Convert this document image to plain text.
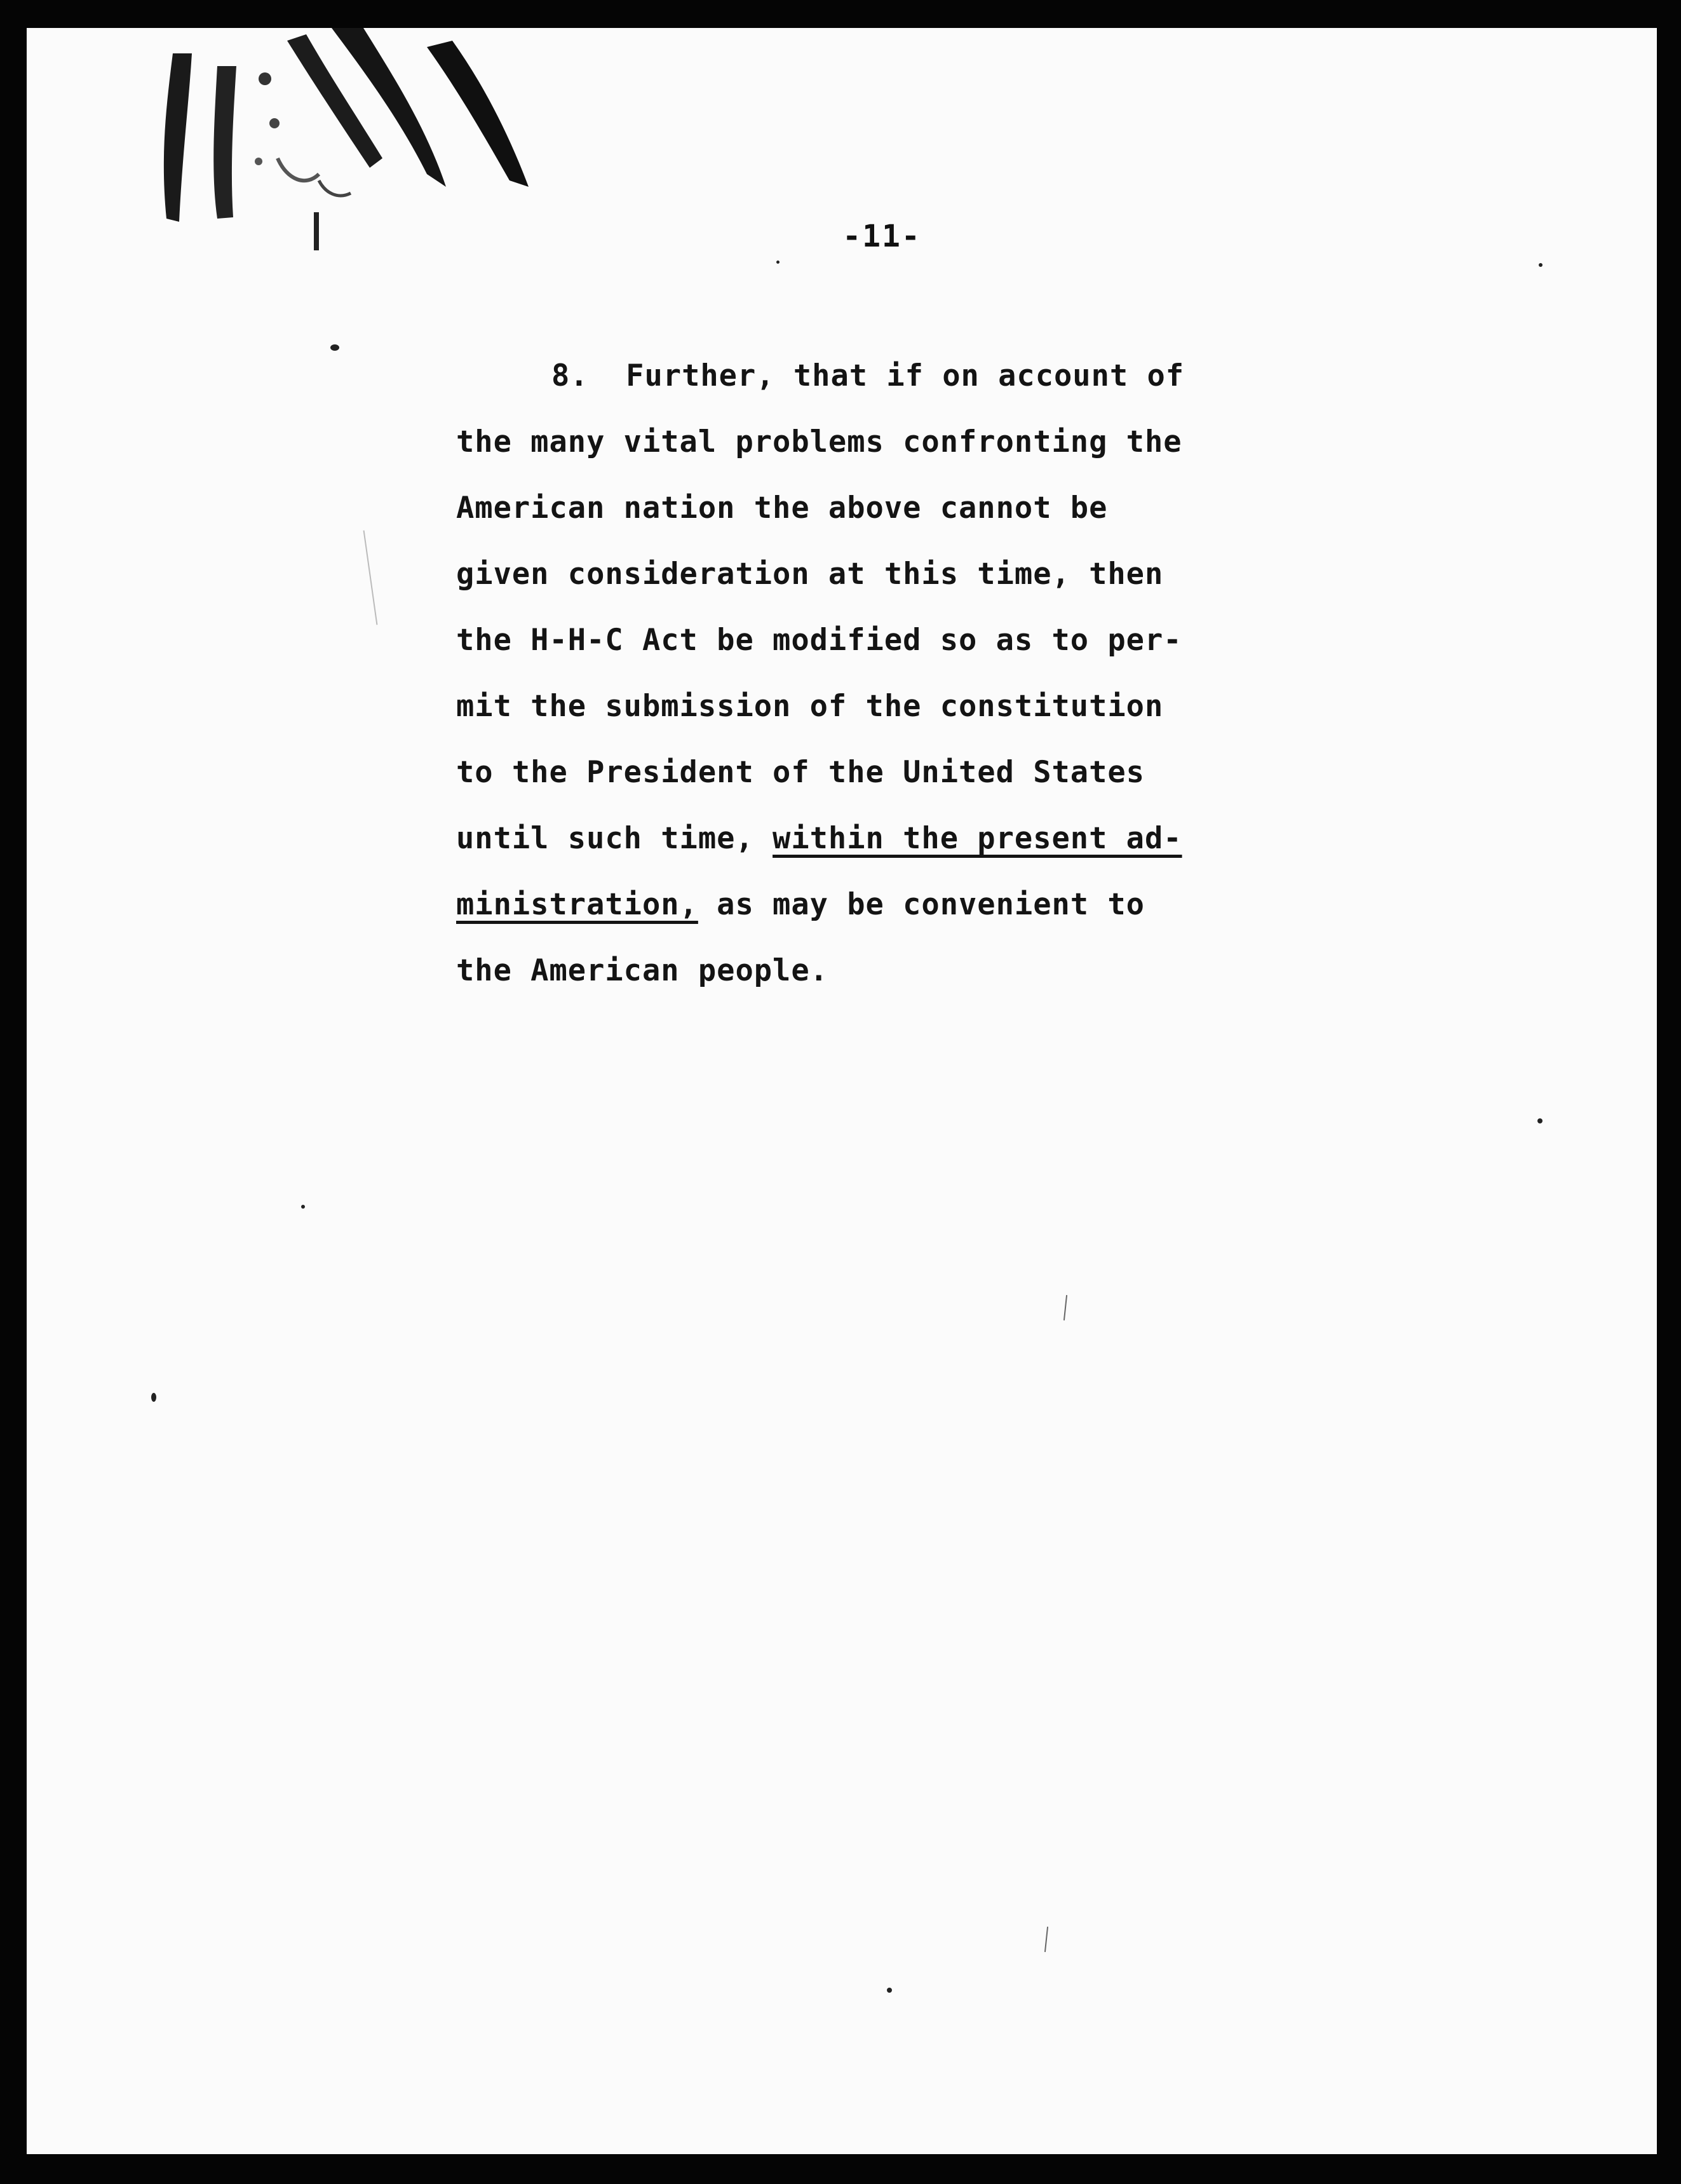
-11-
8.  Further, that if on account of
the many vital problems confronting the
American nation the above cannot be
given consideration at this time, then
the H-H-C Act be modified so as to per-
mit the submission of the constitution
to the President of the United States
until such time, within the present ad-
ministration, as may be convenient to
the American people.
